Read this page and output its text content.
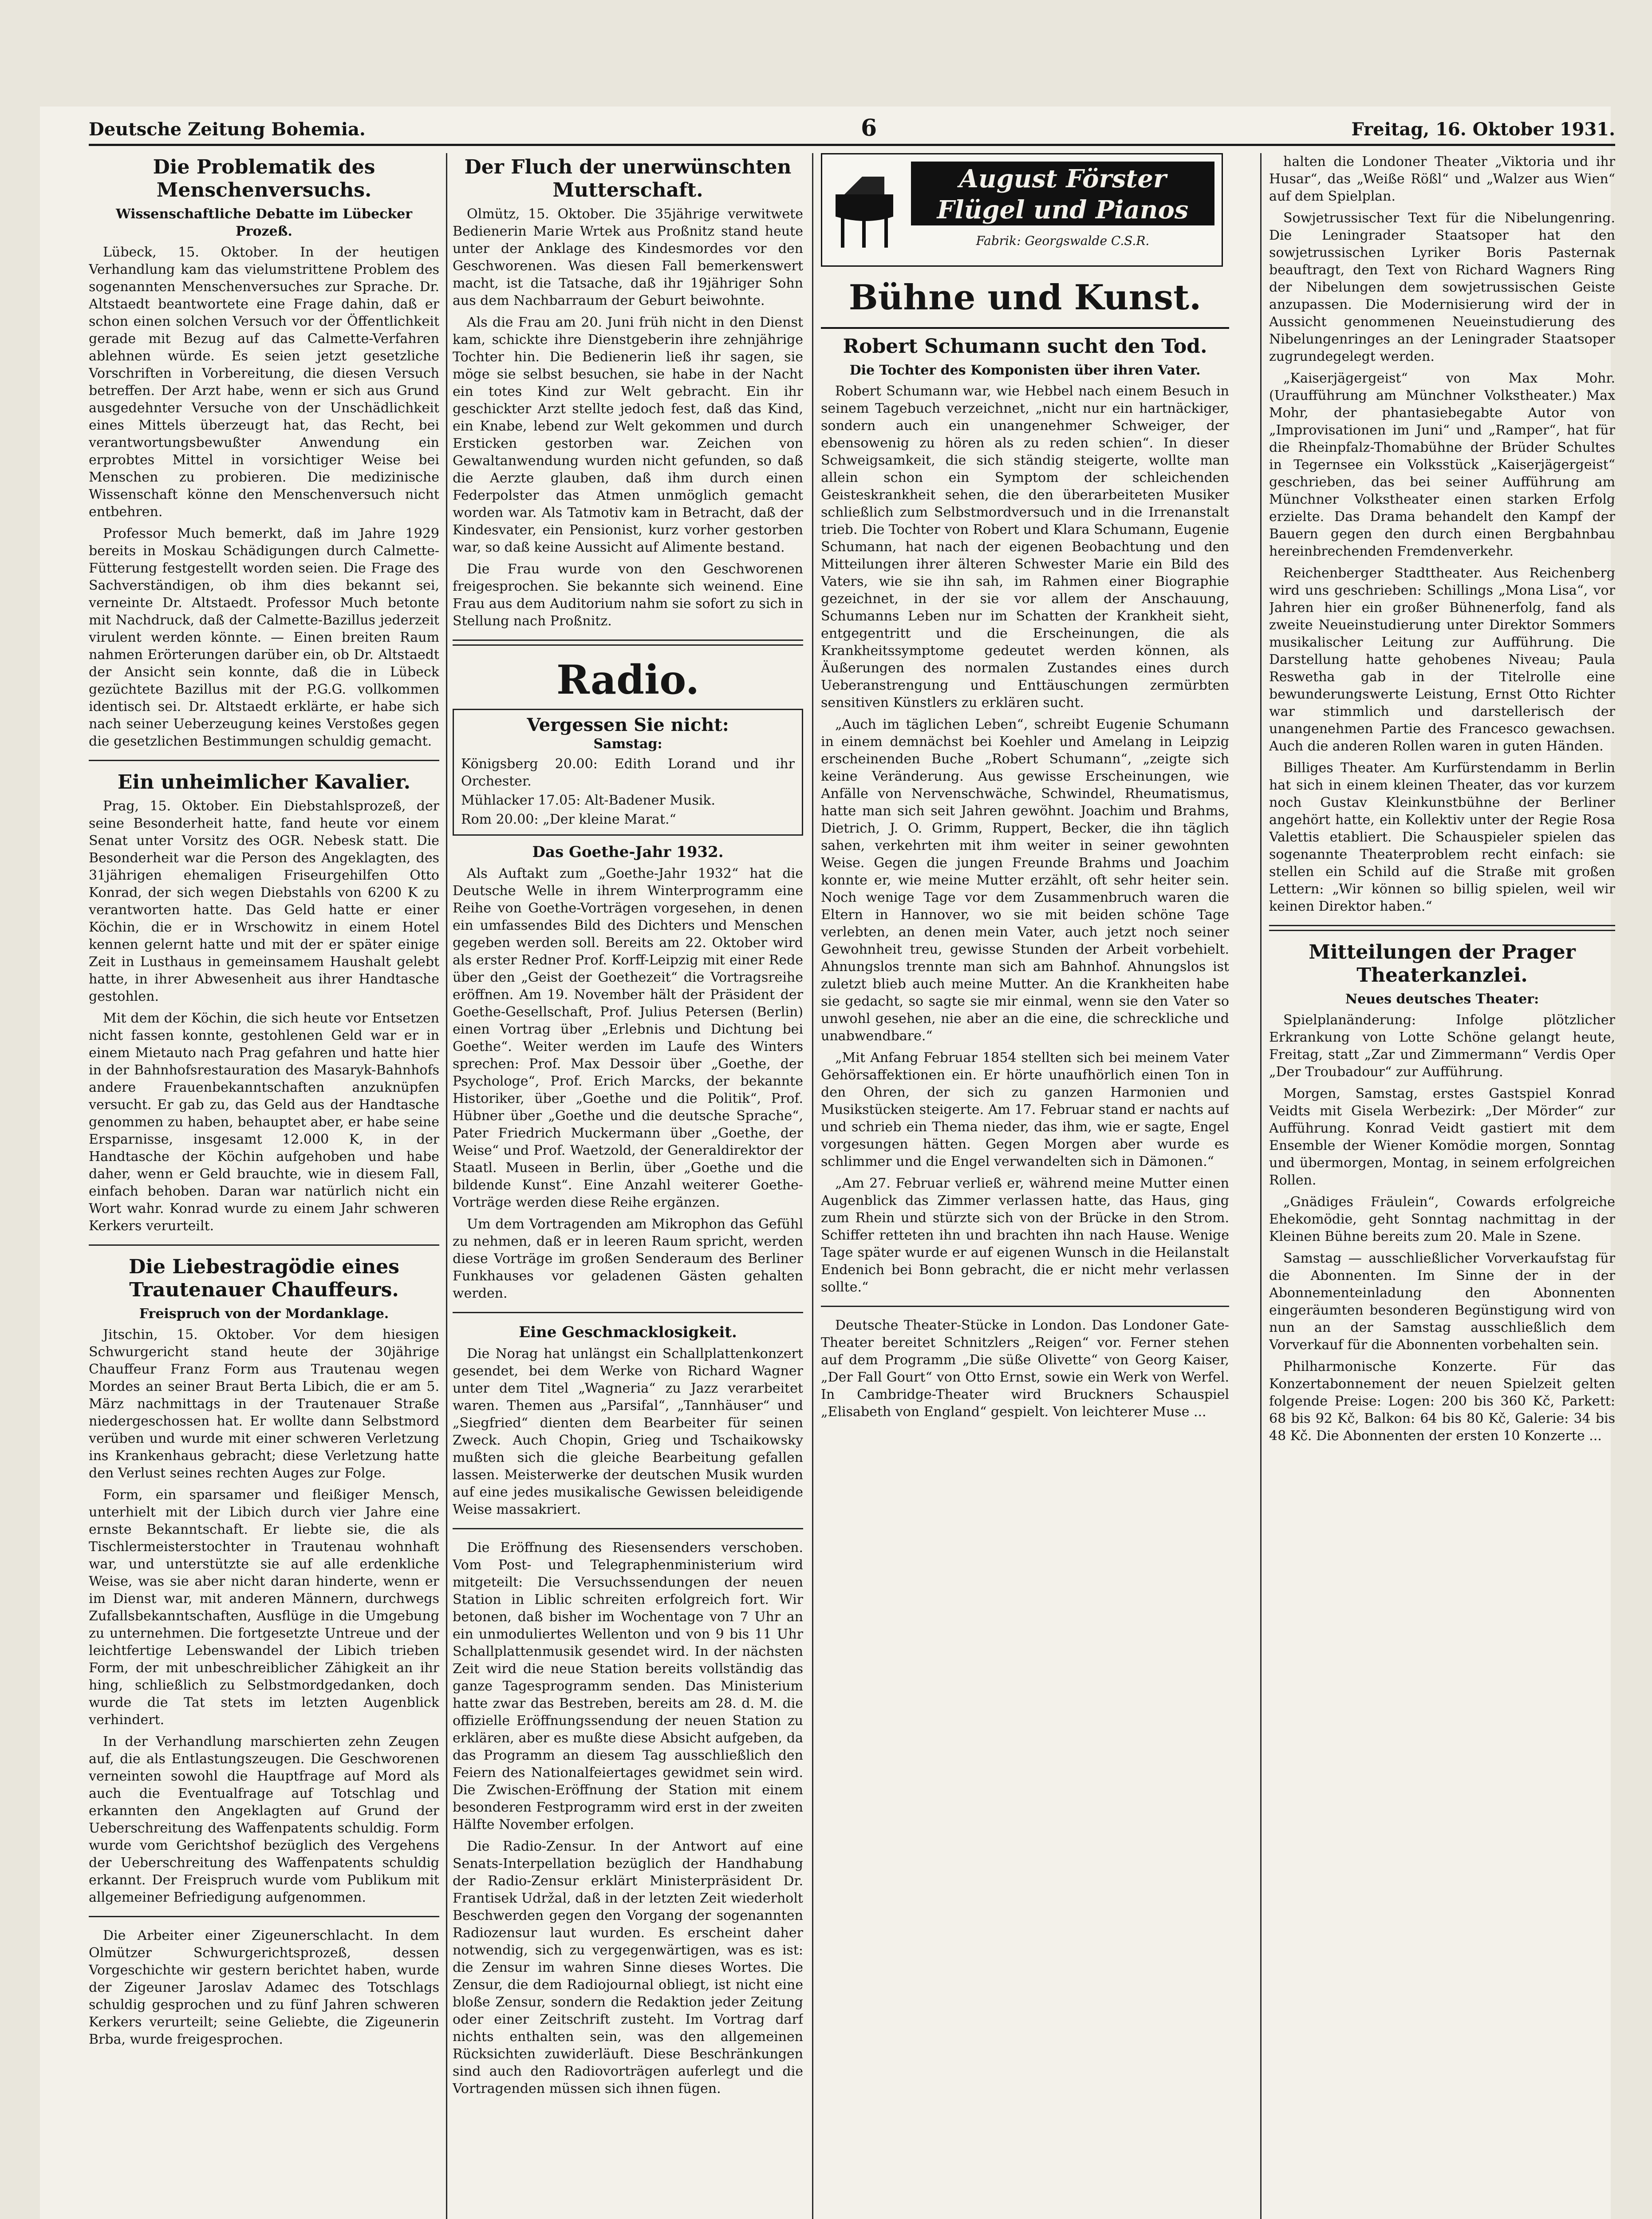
Deutsche Zeitung Bohemia.	6	Freitag, 16. Oktober 1931.
Die Problematik des Menschenversuchs.
Wissenschaftliche Debatte im Lübecker Prozeß.

Lübeck, 15. Oktober. In der heutigen Verhandlung kam das vielumstrittene Problem des sogenannten Menschenversuches zur Sprache. Dr. Altstaedt beantwortete eine Frage dahin, daß er schon einen solchen Versuch vor der Öffentlichkeit gerade mit Bezug auf das Calmette-Verfahren ablehnen würde. Es seien jetzt gesetzliche Vorschriften in Vorbereitung, die diesen Versuch betreffen. Der Arzt habe, wenn er sich aus Grund ausgedehnter Versuche von der Unschädlichkeit eines Mittels überzeugt hat, das Recht, bei verantwortungsbewußter Anwendung ein erprobtes Mittel in vorsichtiger Weise bei Menschen zu probieren. Die medizinische Wissenschaft könne den Menschenversuch nicht entbehren.

Professor Much bemerkt, daß im Jahre 1929 bereits in Moskau Schädigungen durch Calmette-Fütterung festgestellt worden seien. Die Frage des Sachverständigen, ob ihm dies bekannt sei, verneinte Dr. Altstaedt. Professor Much betonte mit Nachdruck, daß der Calmette-Bazillus jederzeit virulent werden könnte. — Einen breiten Raum nahmen Erörterungen darüber ein, ob Dr. Altstaedt der Ansicht sein konnte, daß die in Lübeck gezüchtete Bazillus mit der P.G.G. vollkommen identisch sei. Dr. Altstaedt erklärte, er habe sich nach seiner Ueberzeugung keines Verstoßes gegen die gesetzlichen Bestimmungen schuldig gemacht.

Ein unheimlicher Kavalier.

Prag, 15. Oktober. Ein Diebstahlsprozeß, der seine Besonderheit hatte, fand heute vor einem Senat unter Vorsitz des OGR. Nebesk statt. Die Besonderheit war die Person des Angeklagten, des 31jährigen ehemaligen Friseurgehilfen Otto Konrad, der sich wegen Diebstahls von 6200 K zu verantworten hatte. Das Geld hatte er einer Köchin, die er in Wrschowitz in einem Hotel kennen gelernt hatte und mit der er später einige Zeit in Lusthaus in gemeinsamem Haushalt gelebt hatte, in ihrer Abwesenheit aus ihrer Handtasche gestohlen.

Mit dem der Köchin, die sich heute vor Entsetzen nicht fassen konnte, gestohlenen Geld war er in einem Mietauto nach Prag gefahren und hatte hier in der Bahnhofsrestauration des Masaryk-Bahnhofs andere Frauenbekanntschaften anzuknüpfen versucht. Er gab zu, das Geld aus der Handtasche genommen zu haben, behauptet aber, er habe seine Ersparnisse, insgesamt 12.000 K, in der Handtasche der Köchin aufgehoben und habe daher, wenn er Geld brauchte, wie in diesem Fall, einfach behoben. Daran war natürlich nicht ein Wort wahr. Konrad wurde zu einem Jahr schweren Kerkers verurteilt.

Die Liebestragödie eines Trautenauer Chauffeurs.
Freispruch von der Mordanklage.

Jitschin, 15. Oktober. Vor dem hiesigen Schwurgericht stand heute der 30jährige Chauffeur Franz Form aus Trautenau wegen Mordes an seiner Braut Berta Libich, die er am 5. März nachmittags in der Trautenauer Straße niedergeschossen hat. Er wollte dann Selbstmord verüben und wurde mit einer schweren Verletzung ins Krankenhaus gebracht; diese Verletzung hatte den Verlust seines rechten Auges zur Folge.

Form, ein sparsamer und fleißiger Mensch, unterhielt mit der Libich durch vier Jahre eine ernste Bekanntschaft. Er liebte sie, die als Tischlermeisterstochter in Trautenau wohnhaft war, und unterstützte sie auf alle erdenkliche Weise, was sie aber nicht daran hinderte, wenn er im Dienst war, mit anderen Männern, durchwegs Zufallsbekanntschaften, Ausflüge in die Umgebung zu unternehmen. Die fortgesetzte Untreue und der leichtfertige Lebenswandel der Libich trieben Form, der mit unbeschreiblicher Zähigkeit an ihr hing, schließlich zu Selbstmordgedanken, doch wurde die Tat stets im letzten Augenblick verhindert.

In der Verhandlung marschierten zehn Zeugen auf, die als Entlastungszeugen. Die Geschworenen verneinten sowohl die Hauptfrage auf Mord als auch die Eventualfrage auf Totschlag und erkannten den Angeklagten auf Grund der Ueberschreitung des Waffenpatents schuldig. Form wurde vom Gerichtshof bezüglich des Vergehens der Ueberschreitung des Waffenpatents schuldig erkannt. Der Freispruch wurde vom Publikum mit allgemeiner Befriedigung aufgenommen.

Die Arbeiter einer Zigeunerschlacht. In dem Olmützer Schwurgerichtsprozeß, dessen Vorgeschichte wir gestern berichtet haben, wurde der Zigeuner Jaroslav Adamec des Totschlags schuldig gesprochen und zu fünf Jahren schweren Kerkers verurteilt; seine Geliebte, die Zigeunerin Brba, wurde freigesprochen.

Der Fluch der unerwünschten Mutterschaft.

Olmütz, 15. Oktober. Die 35jährige verwitwete Bedienerin Marie Wrtek aus Proßnitz stand heute unter der Anklage des Kindesmordes vor den Geschworenen. Was diesen Fall bemerkenswert macht, ist die Tatsache, daß ihr 19jähriger Sohn aus dem Nachbarraum der Geburt beiwohnte.

Als die Frau am 20. Juni früh nicht in den Dienst kam, schickte ihre Dienstgeberin ihre zehnjährige Tochter hin. Die Bedienerin ließ ihr sagen, sie möge sie selbst besuchen, sie habe in der Nacht ein totes Kind zur Welt gebracht. Ein ihr geschickter Arzt stellte jedoch fest, daß das Kind, ein Knabe, lebend zur Welt gekommen und durch Ersticken gestorben war. Zeichen von Gewaltanwendung wurden nicht gefunden, so daß die Aerzte glauben, daß ihm durch einen Federpolster das Atmen unmöglich gemacht worden war. Als Tatmotiv kam in Betracht, daß der Kindesvater, ein Pensionist, kurz vorher gestorben war, so daß keine Aussicht auf Alimente bestand.

Die Frau wurde von den Geschworenen freigesprochen. Sie bekannte sich weinend. Eine Frau aus dem Auditorium nahm sie sofort zu sich in Stellung nach Proßnitz.

Radio.
Vergessen Sie nicht:
Samstag:

Königsberg 20.00: Edith Lorand und ihr Orchester.

Mühlacker 17.05: Alt-Badener Musik.

Rom 20.00: „Der kleine Marat.“

Das Goethe-Jahr 1932.

Als Auftakt zum „Goethe-Jahr 1932“ hat die Deutsche Welle in ihrem Winterprogramm eine Reihe von Goethe-Vorträgen vorgesehen, in denen ein umfassendes Bild des Dichters und Menschen gegeben werden soll. Bereits am 22. Oktober wird als erster Redner Prof. Korff-Leipzig mit einer Rede über den „Geist der Goethezeit“ die Vortragsreihe eröffnen. Am 19. November hält der Präsident der Goethe-Gesellschaft, Prof. Julius Petersen (Berlin) einen Vortrag über „Erlebnis und Dichtung bei Goethe“. Weiter werden im Laufe des Winters sprechen: Prof. Max Dessoir über „Goethe, der Psychologe“, Prof. Erich Marcks, der bekannte Historiker, über „Goethe und die Politik“, Prof. Hübner über „Goethe und die deutsche Sprache“, Pater Friedrich Muckermann über „Goethe, der Weise“ und Prof. Waetzold, der Generaldirektor der Staatl. Museen in Berlin, über „Goethe und die bildende Kunst“. Eine Anzahl weiterer Goethe-Vorträge werden diese Reihe ergänzen.

Um dem Vortragenden am Mikrophon das Gefühl zu nehmen, daß er in leeren Raum spricht, werden diese Vorträge im großen Senderaum des Berliner Funkhauses vor geladenen Gästen gehalten werden.

Eine Geschmacklosigkeit.

Die Norag hat unlängst ein Schallplattenkonzert gesendet, bei dem Werke von Richard Wagner unter dem Titel „Wagneria“ zu Jazz verarbeitet waren. Themen aus „Parsifal“, „Tannhäuser“ und „Siegfried“ dienten dem Bearbeiter für seinen Zweck. Auch Chopin, Grieg und Tschaikowsky mußten sich die gleiche Bearbeitung gefallen lassen. Meisterwerke der deutschen Musik wurden auf eine jedes musikalische Gewissen beleidigende Weise massakriert.

Die Eröffnung des Riesensenders verschoben. Vom Post- und Telegraphenministerium wird mitgeteilt: Die Versuchssendungen der neuen Station in Liblic schreiten erfolgreich fort. Wir betonen, daß bisher im Wochentage von 7 Uhr an ein unmoduliertes Wellenton und von 9 bis 11 Uhr Schallplattenmusik gesendet wird. In der nächsten Zeit wird die neue Station bereits vollständig das ganze Tagesprogramm senden. Das Ministerium hatte zwar das Bestreben, bereits am 28. d. M. die offizielle Eröffnungssendung der neuen Station zu erklären, aber es mußte diese Absicht aufgeben, da das Programm an diesem Tag ausschließlich den Feiern des Nationalfeiertages gewidmet sein wird. Die Zwischen-Eröffnung der Station mit einem besonderen Festprogramm wird erst in der zweiten Hälfte November erfolgen.

Die Radio-Zensur. In der Antwort auf eine Senats-Interpellation bezüglich der Handhabung der Radio-Zensur erklärt Ministerpräsident Dr. Frantisek Udržal, daß in der letzten Zeit wiederholt Beschwerden gegen den Vorgang der sogenannten Radiozensur laut wurden. Es erscheint daher notwendig, sich zu vergegenwärtigen, was es ist: die Zensur im wahren Sinne dieses Wortes. Die Zensur, die dem Radiojournal obliegt, ist nicht eine bloße Zensur, sondern die Redaktion jeder Zeitung oder einer Zeitschrift zusteht. Im Vortrag darf nichts enthalten sein, was den allgemeinen Rücksichten zuwiderläuft. Diese Beschränkungen sind auch den Radiovorträgen auferlegt und die Vortragenden müssen sich ihnen fügen.

August Förster
Flügel und Pianos
Fabrik: Georgswalde C.S.R.
Bühne und Kunst.
Robert Schumann sucht den Tod.
Die Tochter des Komponisten über ihren Vater.

Robert Schumann war, wie Hebbel nach einem Besuch in seinem Tagebuch verzeichnet, „nicht nur ein hartnäckiger, sondern auch ein unangenehmer Schweiger, der ebensowenig zu hören als zu reden schien“. In dieser Schweigsamkeit, die sich ständig steigerte, wollte man allein schon ein Symptom der schleichenden Geisteskrankheit sehen, die den überarbeiteten Musiker schließlich zum Selbstmordversuch und in die Irrenanstalt trieb. Die Tochter von Robert und Klara Schumann, Eugenie Schumann, hat nach der eigenen Beobachtung und den Mitteilungen ihrer älteren Schwester Marie ein Bild des Vaters, wie sie ihn sah, im Rahmen einer Biographie gezeichnet, in der sie vor allem der Anschauung, Schumanns Leben nur im Schatten der Krankheit sieht, entgegentritt und die Erscheinungen, die als Krankheitssymptome gedeutet werden können, als Äußerungen des normalen Zustandes eines durch Ueberanstrengung und Enttäuschungen zermürbten sensitiven Künstlers zu erklären sucht.

„Auch im täglichen Leben“, schreibt Eugenie Schumann in einem demnächst bei Koehler und Amelang in Leipzig erscheinenden Buche „Robert Schumann“, „zeigte sich keine Veränderung. Aus gewisse Erscheinungen, wie Anfälle von Nervenschwäche, Schwindel, Rheumatismus, hatte man sich seit Jahren gewöhnt. Joachim und Brahms, Dietrich, J. O. Grimm, Ruppert, Becker, die ihn täglich sahen, verkehrten mit ihm weiter in seiner gewohnten Weise. Gegen die jungen Freunde Brahms und Joachim konnte er, wie meine Mutter erzählt, oft sehr heiter sein. Noch wenige Tage vor dem Zusammenbruch waren die Eltern in Hannover, wo sie mit beiden schöne Tage verlebten, an denen mein Vater, auch jetzt noch seiner Gewohnheit treu, gewisse Stunden der Arbeit vorbehielt. Ahnungslos trennte man sich am Bahnhof. Ahnungslos ist zuletzt blieb auch meine Mutter. An die Krankheiten habe sie gedacht, so sagte sie mir einmal, wenn sie den Vater so unwohl gesehen, nie aber an die eine, die schreckliche und unabwendbare.“

„Mit Anfang Februar 1854 stellten sich bei meinem Vater Gehörsaffektionen ein. Er hörte unaufhörlich einen Ton in den Ohren, der sich zu ganzen Harmonien und Musikstücken steigerte. Am 17. Februar stand er nachts auf und schrieb ein Thema nieder, das ihm, wie er sagte, Engel vorgesungen hätten. Gegen Morgen aber wurde es schlimmer und die Engel verwandelten sich in Dämonen.“

„Am 27. Februar verließ er, während meine Mutter einen Augenblick das Zimmer verlassen hatte, das Haus, ging zum Rhein und stürzte sich von der Brücke in den Strom. Schiffer retteten ihn und brachten ihn nach Hause. Wenige Tage später wurde er auf eigenen Wunsch in die Heilanstalt Endenich bei Bonn gebracht, die er nicht mehr verlassen sollte.“

Deutsche Theater-Stücke in London. Das Londoner Gate-Theater bereitet Schnitzlers „Reigen“ vor. Ferner stehen auf dem Programm „Die süße Olivette“ von Georg Kaiser, „Der Fall Gourt“ von Otto Ernst, sowie ein Werk von Werfel. In Cambridge-Theater wird Bruckners Schauspiel „Elisabeth von England“ gespielt. Von leichterer Muse ...

halten die Londoner Theater „Viktoria und ihr Husar“, das „Weiße Rößl“ und „Walzer aus Wien“ auf dem Spielplan.

Sowjetrussischer Text für die Nibelungenring. Die Leningrader Staatsoper hat den sowjetrussischen Lyriker Boris Pasternak beauftragt, den Text von Richard Wagners Ring der Nibelungen dem sowjetrussischen Geiste anzupassen. Die Modernisierung wird der in Aussicht genommenen Neueinstudierung des Nibelungenringes an der Leningrader Staatsoper zugrundegelegt werden.

„Kaiserjägergeist“ von Max Mohr. (Uraufführung am Münchner Volkstheater.) Max Mohr, der phantasiebegabte Autor von „Improvisationen im Juni“ und „Ramper“, hat für die Rheinpfalz-Thomabühne der Brüder Schultes in Tegernsee ein Volksstück „Kaiserjägergeist“ geschrieben, das bei seiner Aufführung am Münchner Volkstheater einen starken Erfolg erzielte. Das Drama behandelt den Kampf der Bauern gegen den durch einen Bergbahnbau hereinbrechenden Fremdenverkehr.

Reichenberger Stadttheater. Aus Reichenberg wird uns geschrieben: Schillings „Mona Lisa“, vor Jahren hier ein großer Bühnenerfolg, fand als zweite Neueinstudierung unter Direktor Sommers musikalischer Leitung zur Aufführung. Die Darstellung hatte gehobenes Niveau; Paula Reswetha gab in der Titelrolle eine bewunderungswerte Leistung, Ernst Otto Richter war stimmlich und darstellerisch der unangenehmen Partie des Francesco gewachsen. Auch die anderen Rollen waren in guten Händen.

Billiges Theater. Am Kurfürstendamm in Berlin hat sich in einem kleinen Theater, das vor kurzem noch Gustav Kleinkunstbühne der Berliner angehört hatte, ein Kollektiv unter der Regie Rosa Valettis etabliert. Die Schauspieler spielen das sogenannte Theaterproblem recht einfach: sie stellen ein Schild auf die Straße mit großen Lettern: „Wir können so billig spielen, weil wir keinen Direktor haben.“

Mitteilungen der Prager Theaterkanzlei.
Neues deutsches Theater:

Spielplanänderung: Infolge plötzlicher Erkrankung von Lotte Schöne gelangt heute, Freitag, statt „Zar und Zimmermann“ Verdis Oper „Der Troubadour“ zur Aufführung.

Morgen, Samstag, erstes Gastspiel Konrad Veidts mit Gisela Werbezirk: „Der Mörder“ zur Aufführung. Konrad Veidt gastiert mit dem Ensemble der Wiener Komödie morgen, Sonntag und übermorgen, Montag, in seinem erfolgreichen Rollen.

„Gnädiges Fräulein“, Cowards erfolgreiche Ehekomödie, geht Sonntag nachmittag in der Kleinen Bühne bereits zum 20. Male in Szene.

Samstag — ausschließlicher Vorverkaufstag für die Abonnenten. Im Sinne der in der Abonnementeinladung den Abonnenten eingeräumten besonderen Begünstigung wird von nun an der Samstag ausschließlich dem Vorverkauf für die Abonnenten vorbehalten sein.

Philharmonische Konzerte. Für das Konzertabonnement der neuen Spielzeit gelten folgende Preise: Logen: 200 bis 360 Kč, Parkett: 68 bis 92 Kč, Balkon: 64 bis 80 Kč, Galerie: 34 bis 48 Kč. Die Abonnenten der ersten 10 Konzerte ...
